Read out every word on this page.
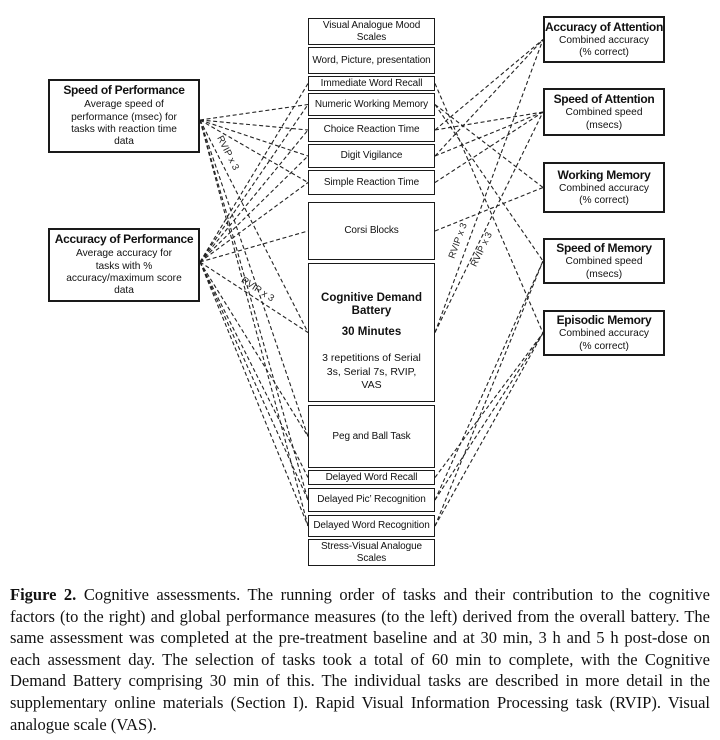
RVIP x 3
RVIP x 3
RVIP x 3
RVIP x 3
Speed of Performance
Average speed of performance (msec) for tasks with reaction time data
Accuracy of Performance
Average accuracy for tasks with % accuracy/maximum score data
Visual Analogue Mood Scales
Word, Picture, presentation
Immediate Word Recall
Numeric Working Memory
Choice Reaction Time
Digit Vigilance
Simple Reaction Time
Corsi Blocks
Cognitive Demand Battery
30 Minutes
3 repetitions of Serial 3s, Serial 7s, RVIP, VAS
Peg and Ball Task
Delayed Word Recall
Delayed Pic’ Recognition
Delayed Word Recognition
Stress-Visual Analogue Scales
Accuracy of Attention
Combined accuracy
(% correct)
Speed of Attention
Combined speed
(msecs)
Working Memory
Combined accuracy
(% correct)
Speed of Memory
Combined speed
(msecs)
Episodic Memory
Combined accuracy
(% correct)

Figure 2. Cognitive assessments. The running order of tasks and their contribution to the cognitive factors (to the right) and global performance measures (to the left) derived from the overall battery. The same assessment was completed at the pre-treatment baseline and at 30 min, 3 h and 5 h post-dose on each assessment day. The selection of tasks took a total of 60 min to complete, with the Cognitive Demand Battery comprising 30 min of this. The individual tasks are described in more detail in the supplementary online materials (Section I). Rapid Visual Information Processing task (RVIP). Visual analogue scale (VAS).
